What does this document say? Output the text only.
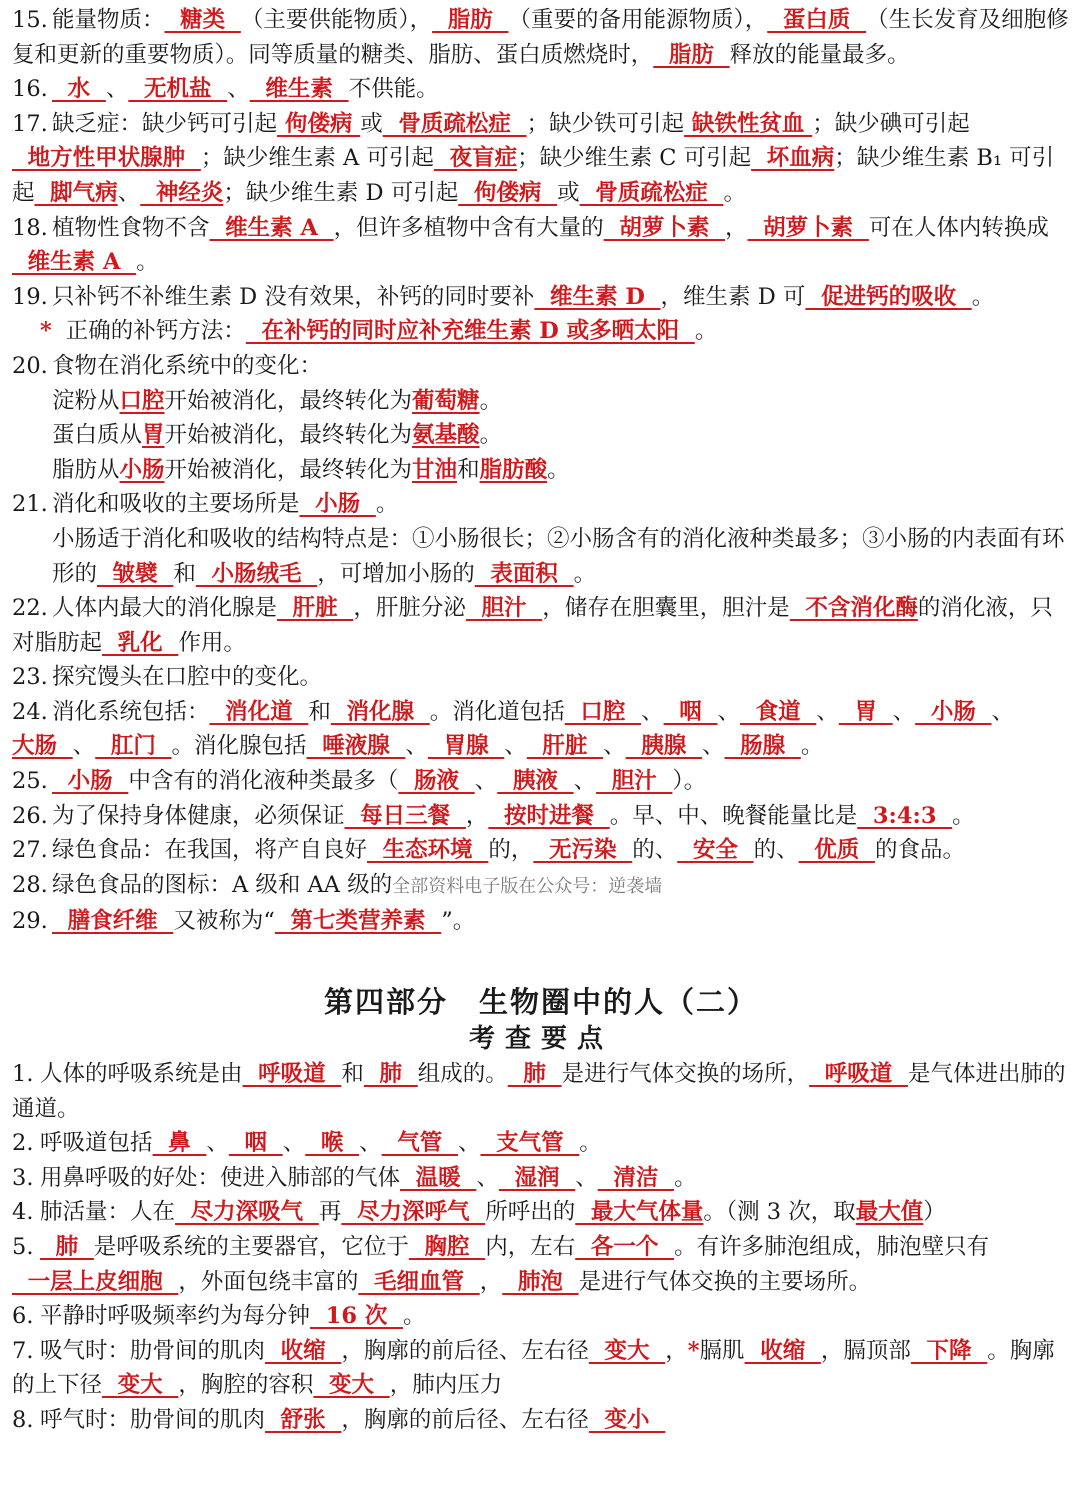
15. 能量物质：  糖类  （主要供能物质），  脂肪  （重要的备用能源物质），  蛋白质  （生长发育及细胞修复和更新的重要物质）。同等质量的糖类、脂肪、蛋白质燃烧时，  脂肪  释放的能量最多。

16.  水  、  无机盐  、  维生素  不供能。

17. 缺乏症：缺少钙可引起 佝偻病 或  骨质疏松症  ；缺少铁可引起 缺铁性贫血 ；缺少碘可引起  地方性甲状腺肿  ；缺少维生素 A 可引起  夜盲症；缺少维生素 C 可引起  坏血病；缺少维生素 B₁ 可引起  脚气病、  神经炎；缺少维生素 D 可引起  佝偻病  或  骨质疏松症  。

18. 植物性食物不含  维生素 A  ，但许多植物中含有大量的  胡萝卜素  ，  胡萝卜素  可在人体内转换成  维生素 A  。

19. 只补钙不补维生素 D 没有效果，补钙的同时要补  维生素 D  ，维生素 D 可  促进钙的吸收  。

* 正确的补钙方法：  在补钙的同时应补充维生素 D 或多晒太阳  。

20. 食物在消化系统中的变化：

淀粉从口腔开始被消化，最终转化为葡萄糖。

蛋白质从胃开始被消化，最终转化为氨基酸。

脂肪从小肠开始被消化，最终转化为甘油和脂肪酸。

21. 消化和吸收的主要场所是  小肠  。

小肠适于消化和吸收的结构特点是：①小肠很长；②小肠含有的消化液种类最多；③小肠的内表面有环形的  皱襞  和  小肠绒毛  ，可增加小肠的  表面积  。

22. 人体内最大的消化腺是  肝脏  ，肝脏分泌  胆汁  ，储存在胆囊里，胆汁是  不含消化酶的消化液，只对脂肪起  乳化  作用。

23. 探究馒头在口腔中的变化。

24. 消化系统包括：  消化道  和  消化腺  。消化道包括  口腔  、  咽  、  食道  、  胃  、  小肠  、大肠  、  肛门  。消化腺包括  唾液腺  、  胃腺  、  肝脏  、  胰腺  、  肠腺  。

25.  小肠  中含有的消化液种类最多（  肠液  、  胰液  、  胆汁  ）。

26. 为了保持身体健康，必须保证  每日三餐  ，  按时进餐  。早、中、晚餐能量比是  3:4:3  。

27. 绿色食品：在我国，将产自良好  生态环境  的，  无污染  的、  安全  的、  优质  的食品。

28. 绿色食品的图标：A 级和 AA 级的全部资料电子版在公众号：逆袭墙

29.  膳食纤维  又被称为“  第七类营养素  ”。

第四部分　生物圈中的人（二）
考查要点

1. 人体的呼吸系统是由  呼吸道  和  肺  组成的。  肺  是进行气体交换的场所，  呼吸道  是气体进出肺的通道。

2. 呼吸道包括  鼻  、  咽  、  喉  、  气管  、  支气管  。

3. 用鼻呼吸的好处：使进入肺部的气体  温暖  、  湿润  、  清洁  。

4. 肺活量：人在  尽力深吸气  再  尽力深呼气  所呼出的  最大气体量。（测 3 次，取最大值）

5.  肺  是呼吸系统的主要器官，它位于  胸腔  内，左右  各一个  。有许多肺泡组成，肺泡壁只有  一层上皮细胞  ，外面包绕丰富的  毛细血管  ，  肺泡  是进行气体交换的主要场所。

6. 平静时呼吸频率约为每分钟  16 次  。

7. 吸气时：肋骨间的肌肉  收缩  ，胸廓的前后径、左右径  变大  ，*膈肌  收缩  ，膈顶部  下降  。胸廓的上下径  变大  ，胸腔的容积  变大  ，肺内压力

8. 呼气时：肋骨间的肌肉  舒张  ，胸廓的前后径、左右径  变小
